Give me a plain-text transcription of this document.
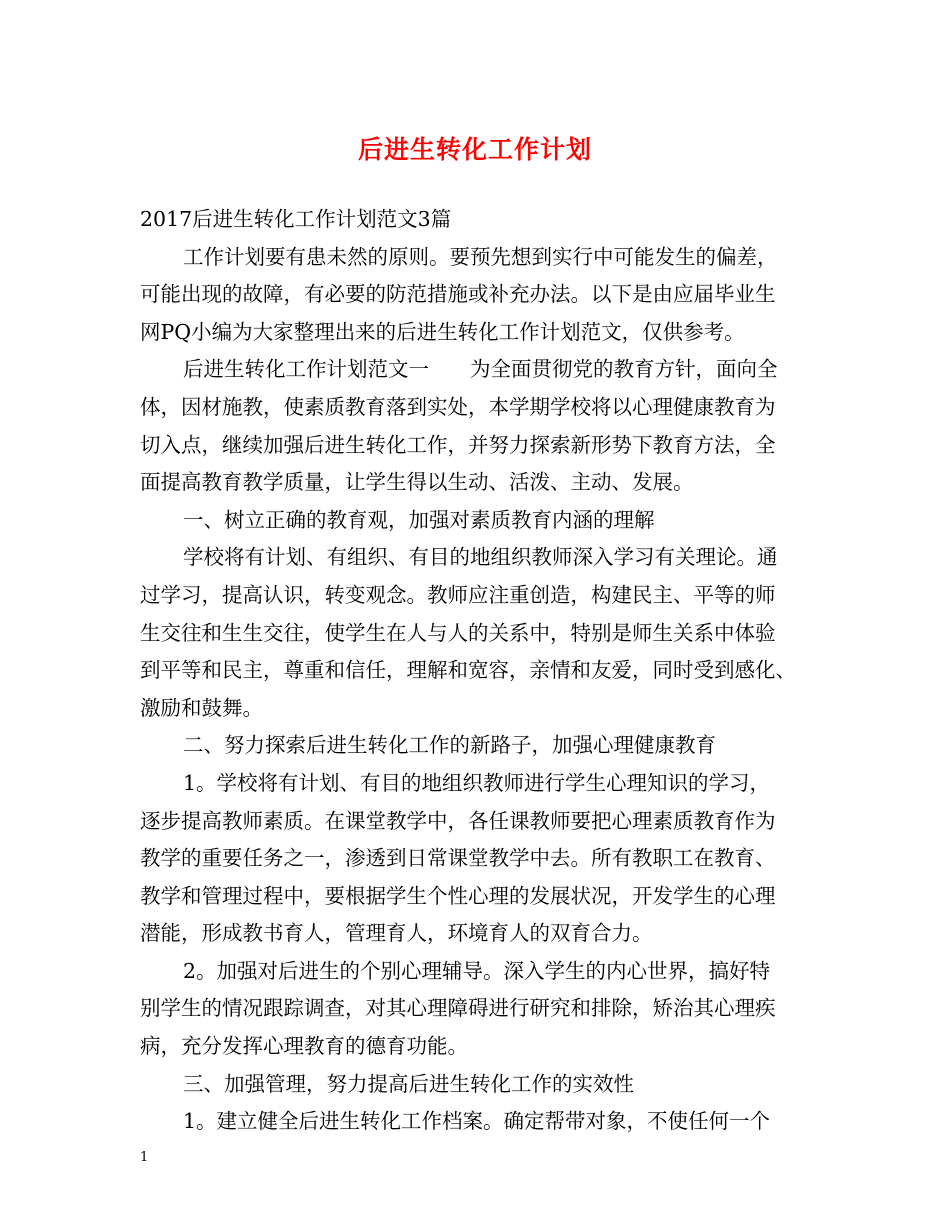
后进生转化工作计划
2017后进生转化工作计划范文3篇
工作计划要有患未然的原则。要预先想到实行中可能发生的偏差，
可能出现的故障，有必要的防范措施或补充办法。以下是由应届毕业生
网PQ小编为大家整理出来的后进生转化工作计划范文，仅供参考。
后进生转化工作计划范文一　　为全面贯彻党的教育方针，面向全
体，因材施教，使素质教育落到实处，本学期学校将以心理健康教育为
切入点，继续加强后进生转化工作，并努力探索新形势下教育方法，全
面提高教育教学质量，让学生得以生动、活泼、主动、发展。
一、树立正确的教育观，加强对素质教育内涵的理解
学校将有计划、有组织、有目的地组织教师深入学习有关理论。通
过学习，提高认识，转变观念。教师应注重创造，构建民主、平等的师
生交往和生生交往，使学生在人与人的关系中，特别是师生关系中体验
到平等和民主，尊重和信任，理解和宽容，亲情和友爱，同时受到感化、
激励和鼓舞。
二、努力探索后进生转化工作的新路子，加强心理健康教育
1。学校将有计划、有目的地组织教师进行学生心理知识的学习，
逐步提高教师素质。在课堂教学中，各任课教师要把心理素质教育作为
教学的重要任务之一，渗透到日常课堂教学中去。所有教职工在教育、
教学和管理过程中，要根据学生个性心理的发展状况，开发学生的心理
潜能，形成教书育人，管理育人，环境育人的双育合力。
2。加强对后进生的个别心理辅导。深入学生的内心世界，搞好特
别学生的情况跟踪调查，对其心理障碍进行研究和排除，矫治其心理疾
病，充分发挥心理教育的德育功能。
三、加强管理，努力提高后进生转化工作的实效性
1。建立健全后进生转化工作档案。确定帮带对象，不使任何一个
1
